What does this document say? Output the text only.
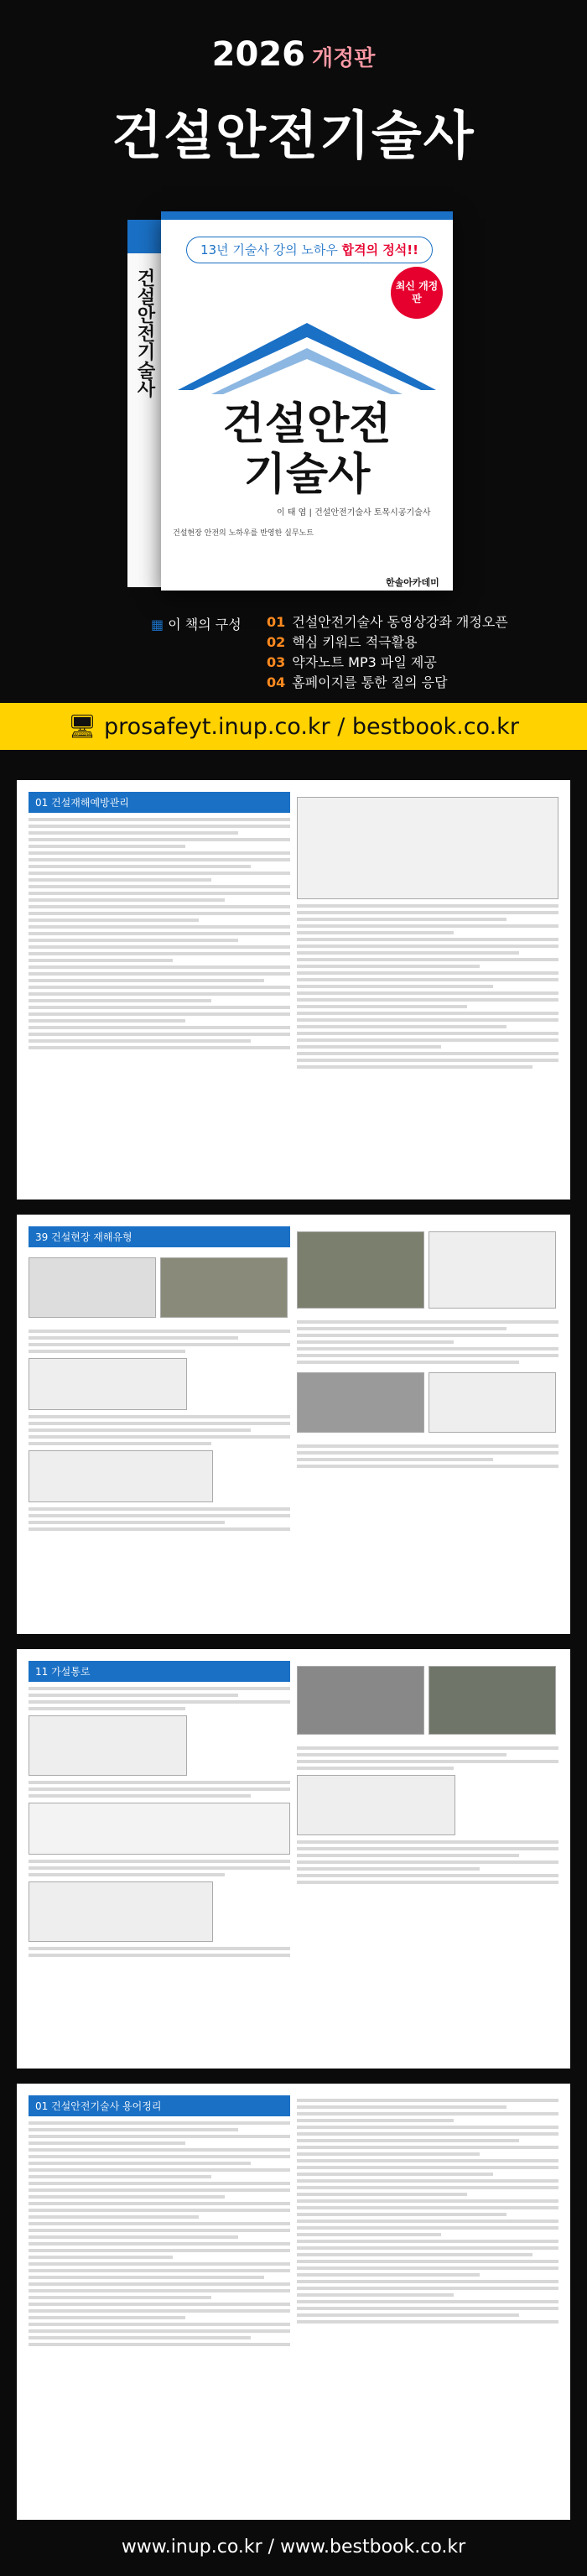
2026 개정판
건설안전기술사
건설안전기술사
13년 기술사 강의 노하우 합격의 정석!!
최신 개정판
건설안전
기술사
이 태 엽 | 건설안전기술사 토목시공기술사
건설현장 안전의 노하우를 반영한 실무노트
한솔아카데미
▦ 이 책의 구성 01 건설안전기술사 동영상강좌 개정오픈
02 핵심 키워드 적극활용
03 약자노트 MP3 파일 제공
04 홈페이지를 통한 질의 응답
🖥 prosafeyt.inup.co.kr / bestbook.co.kr
01 건설재해예방관리
39 건설현장 재해유형

11 가설통로

01 건설안전기술사 용어정리
www.inup.co.kr / www.bestbook.co.kr
